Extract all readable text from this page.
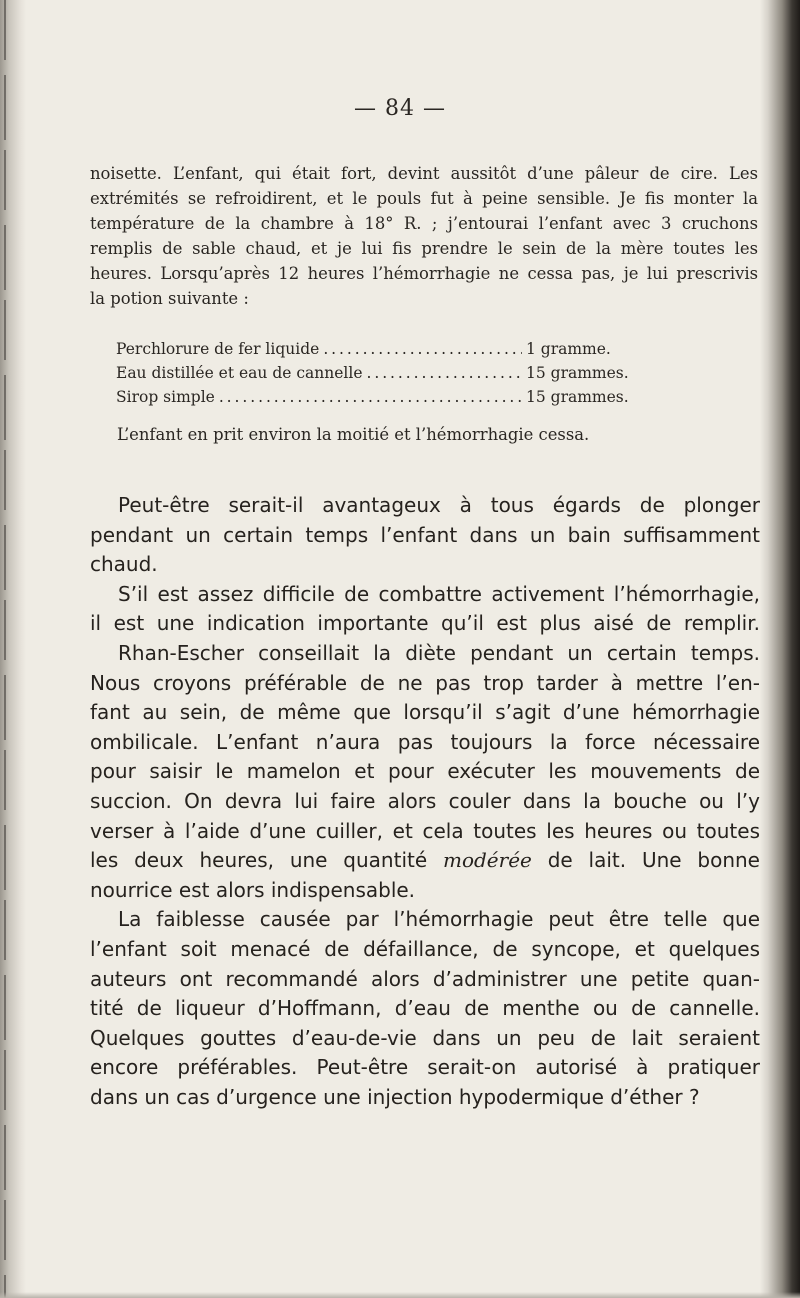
— 84 —
noisette. L’enfant, qui était fort, devint aussitôt d’une pâleur de cire. Les
extrémités se refroidirent, et le pouls fut à peine sensible. Je fis monter la
température de la chambre à 18° R. ; j’entourai l’enfant avec 3 cruchons
remplis de sable chaud, et je lui fis prendre le sein de la mère toutes les
heures. Lorsqu’après 12 heures l’hémorrhagie ne cessa pas, je lui prescrivis
la potion suivante :
Perchlorure de fer liquide . . .	1 gramme.
Eau distillée et eau de cannelle . . .	15 grammes.
Sirop simple . . .	15 grammes.
L’enfant en prit environ la moitié et l’hémorrhagie cessa.
Peut-être serait-il avantageux à tous égards de plonger
pendant un certain temps l’enfant dans un bain suffisamment
chaud.
S’il est assez difficile de combattre activement l’hémorrhagie,
il est une indication importante qu’il est plus aisé de remplir.
Rhan-Escher conseillait la diète pendant un certain temps.
Nous croyons préférable de ne pas trop tarder à mettre l’en-
fant au sein, de même que lorsqu’il s’agit d’une hémorrhagie
ombilicale. L’enfant n’aura pas toujours la force nécessaire
pour saisir le mamelon et pour exécuter les mouvements de
succion. On devra lui faire alors couler dans la bouche ou l’y
verser à l’aide d’une cuiller, et cela toutes les heures ou toutes
les deux heures, une quantité modérée de lait. Une bonne
nourrice est alors indispensable.
La faiblesse causée par l’hémorrhagie peut être telle que
l’enfant soit menacé de défaillance, de syncope, et quelques
auteurs ont recommandé alors d’administrer une petite quan-
tité de liqueur d’Hoffmann, d’eau de menthe ou de cannelle.
Quelques gouttes d’eau-de-vie dans un peu de lait seraient
encore préférables. Peut-être serait-on autorisé à pratiquer
dans un cas d’urgence une injection hypodermique d’éther ?
